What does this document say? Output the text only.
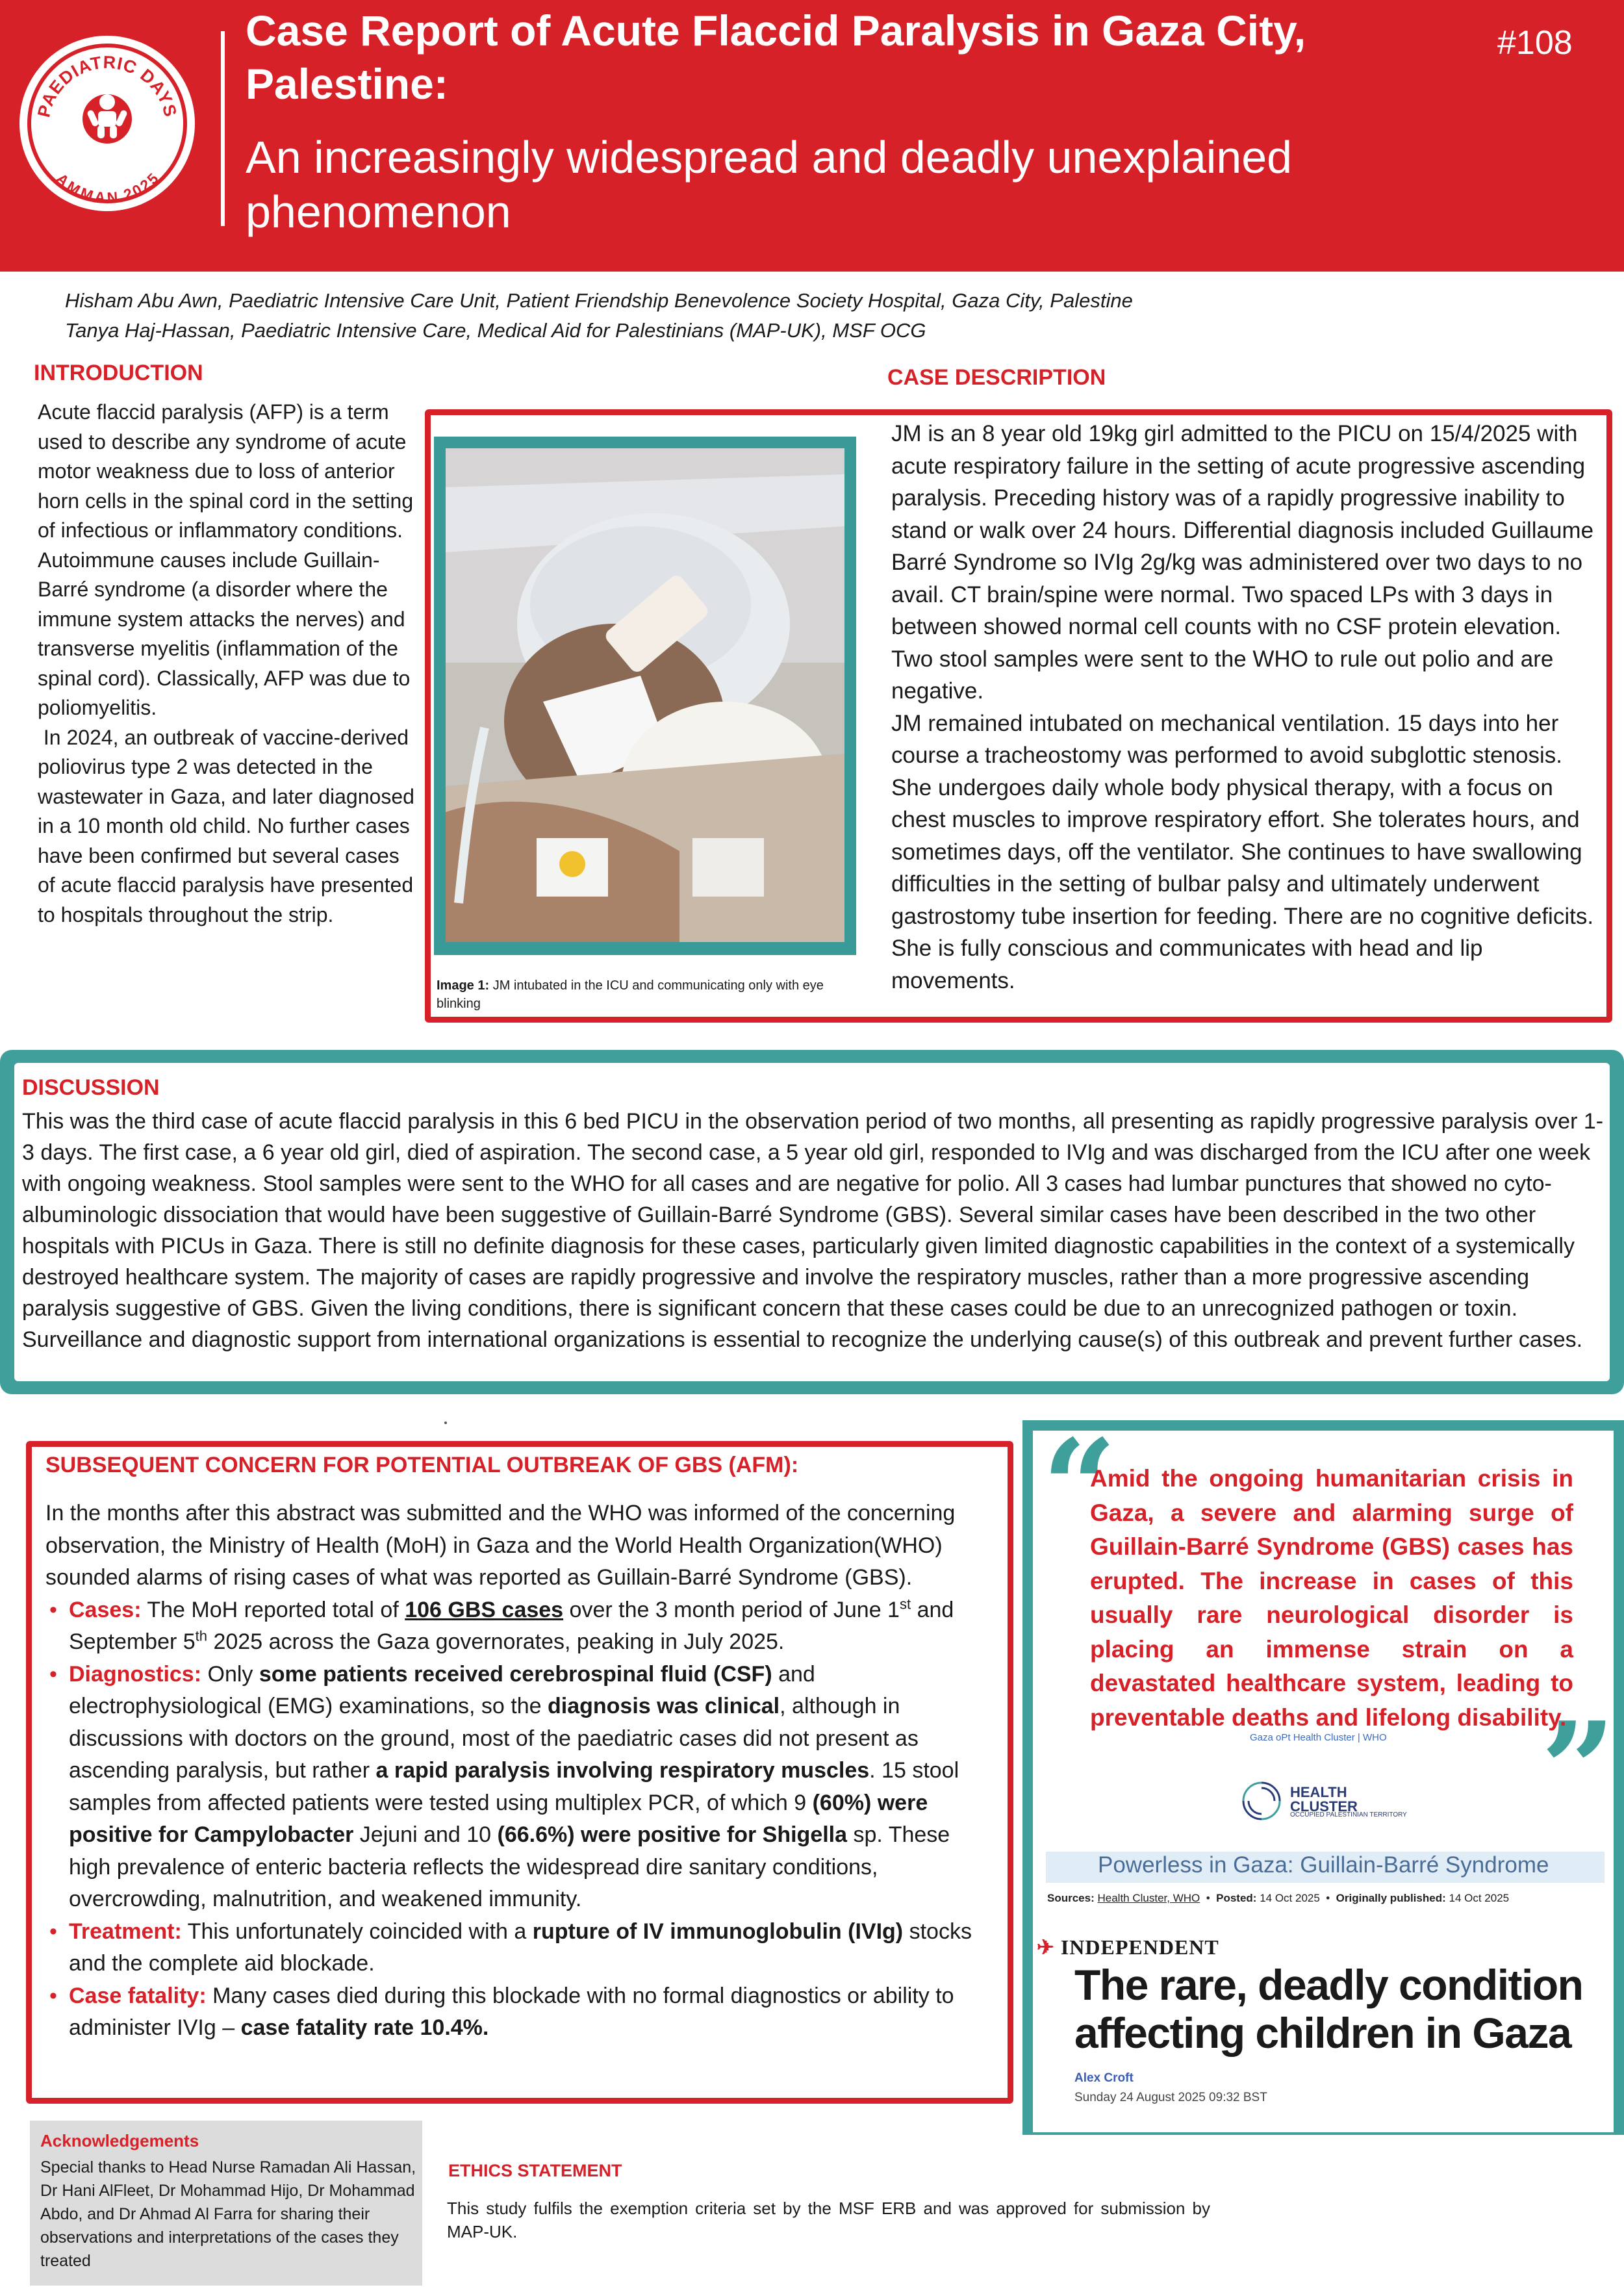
PAEDIATRIC DAYS
AMMAN 2025
Case Report of Acute Flaccid Paralysis in Gaza City, Palestine:
An increasingly widespread and deadly unexplained phenomenon
#108
Hisham Abu Awn, Paediatric Intensive Care Unit, Patient Friendship Benevolence Society Hospital, Gaza City, Palestine
Tanya Haj-Hassan, Paediatric Intensive Care, Medical Aid for Palestinians (MAP-UK), MSF OCG
INTRODUCTION
Acute flaccid paralysis (AFP) is a term used to describe any syndrome of acute motor weakness due to loss of anterior horn cells in the spinal cord in the setting of infectious or inflammatory conditions. Autoimmune causes include Guillain-Barré syndrome (a disorder where the immune system attacks the nerves) and transverse myelitis (inflammation of the spinal cord). Classically, AFP was due to poliomyelitis.
In 2024, an outbreak of vaccine-derived poliovirus type 2 was detected in the wastewater in Gaza, and later diagnosed in a 10 month old child. No further cases have been confirmed but several cases of acute flaccid paralysis have presented to hospitals throughout the strip.
CASE DESCRIPTION
Image 1: JM intubated in the ICU and communicating only with eye blinking
JM is an 8 year old 19kg girl admitted to the PICU on 15/4/2025 with acute respiratory failure in the setting of acute progressive ascending paralysis. Preceding history was of a rapidly progressive inability to stand or walk over 24 hours. Differential diagnosis included Guillaume Barré Syndrome so IVIg 2g/kg was administered over two days to no avail. CT brain/spine were normal. Two spaced LPs with 3 days in between showed normal cell counts with no CSF protein elevation. Two stool samples were sent to the WHO to rule out polio and are negative.
JM remained intubated on mechanical ventilation. 15 days into her course a tracheostomy was performed to avoid subglottic stenosis. She undergoes daily whole body physical therapy, with a focus on chest muscles to improve respiratory effort. She tolerates hours, and sometimes days, off the ventilator. She continues to have swallowing difficulties in the setting of bulbar palsy and ultimately underwent gastrostomy tube insertion for feeding. There are no cognitive deficits. She is fully conscious and communicates with head and lip movements.
DISCUSSION
This was the third case of acute flaccid paralysis in this 6 bed PICU in the observation period of two months, all presenting as rapidly progressive paralysis over 1-3 days. The first case, a 6 year old girl, died of aspiration. The second case, a 5 year old girl, responded to IVIg and was discharged from the ICU after one week with ongoing weakness. Stool samples were sent to the WHO for all cases and are negative for polio. All 3 cases had lumbar punctures that showed no cyto-albuminologic dissociation that would have been suggestive of Guillain-Barré Syndrome (GBS). Several similar cases have been described in the two other hospitals with PICUs in Gaza. There is still no definite diagnosis for these cases, particularly given limited diagnostic capabilities in the context of a systemically destroyed healthcare system. The majority of cases are rapidly progressive and involve the respiratory muscles, rather than a more progressive ascending paralysis suggestive of GBS. Given the living conditions, there is significant concern that these cases could be due to an unrecognized pathogen or toxin. Surveillance and diagnostic support from international organizations is essential to recognize the underlying cause(s) of this outbreak and prevent further cases.
SUBSEQUENT CONCERN FOR POTENTIAL OUTBREAK OF GBS (AFM):

In the months after this abstract was submitted and the WHO was informed of the concerning observation, the Ministry of Health (MoH) in Gaza and the World Health Organization(WHO) sounded alarms of rising cases of what was reported as Guillain-Barré Syndrome (GBS).

• Cases: The MoH reported total of 106 GBS cases over the 3 month period of June 1st and September 5th 2025 across the Gaza governorates, peaking in July 2025.
• Diagnostics: Only some patients received cerebrospinal fluid (CSF) and electrophysiological (EMG) examinations, so the diagnosis was clinical, although in discussions with doctors on the ground, most of the paediatric cases did not present as ascending paralysis, but rather a rapid paralysis involving respiratory muscles. 15 stool samples from affected patients were tested using multiplex PCR, of which 9 (60%) were positive for Campylobacter Jejuni and 10 (66.6%) were positive for Shigella sp. These high prevalence of enteric bacteria reflects the widespread dire sanitary conditions, overcrowding, malnutrition, and weakened immunity.
• Treatment: This unfortunately coincided with a rupture of IV immunoglobulin (IVIg) stocks and the complete aid blockade.
• Case fatality: Many cases died during this blockade with no formal diagnostics or ability to administer IVIg – case fatality rate 10.4%.
“
”
Amid the ongoing humanitarian crisis in Gaza, a severe and alarming surge of Guillain-Barré Syndrome (GBS) cases has erupted. The increase in cases of this usually rare neurological disorder is placing an immense strain on a devastated healthcare system, leading to preventable deaths and lifelong disability.
Gaza oPt Health Cluster | WHO
HEALTH
CLUSTER
OCCUPIED PALESTINIAN TERRITORY
Powerless in Gaza: Guillain-Barré Syndrome
Sources: Health Cluster, WHO  •  Posted: 14 Oct 2025  •  Originally published: 14 Oct 2025
✈ INDEPENDENT
The rare, deadly condition affecting children in Gaza
Alex Croft
Sunday 24 August 2025 09:32 BST
Acknowledgements
Special thanks to Head Nurse Ramadan Ali Hassan, Dr Hani AlFleet, Dr Mohammad Hijo, Dr Mohammad Abdo, and Dr Ahmad Al Farra for sharing their observations and interpretations of the cases they treated
ETHICS STATEMENT
This study fulfils the exemption criteria set by the MSF ERB and was approved for submission by MAP-UK.
